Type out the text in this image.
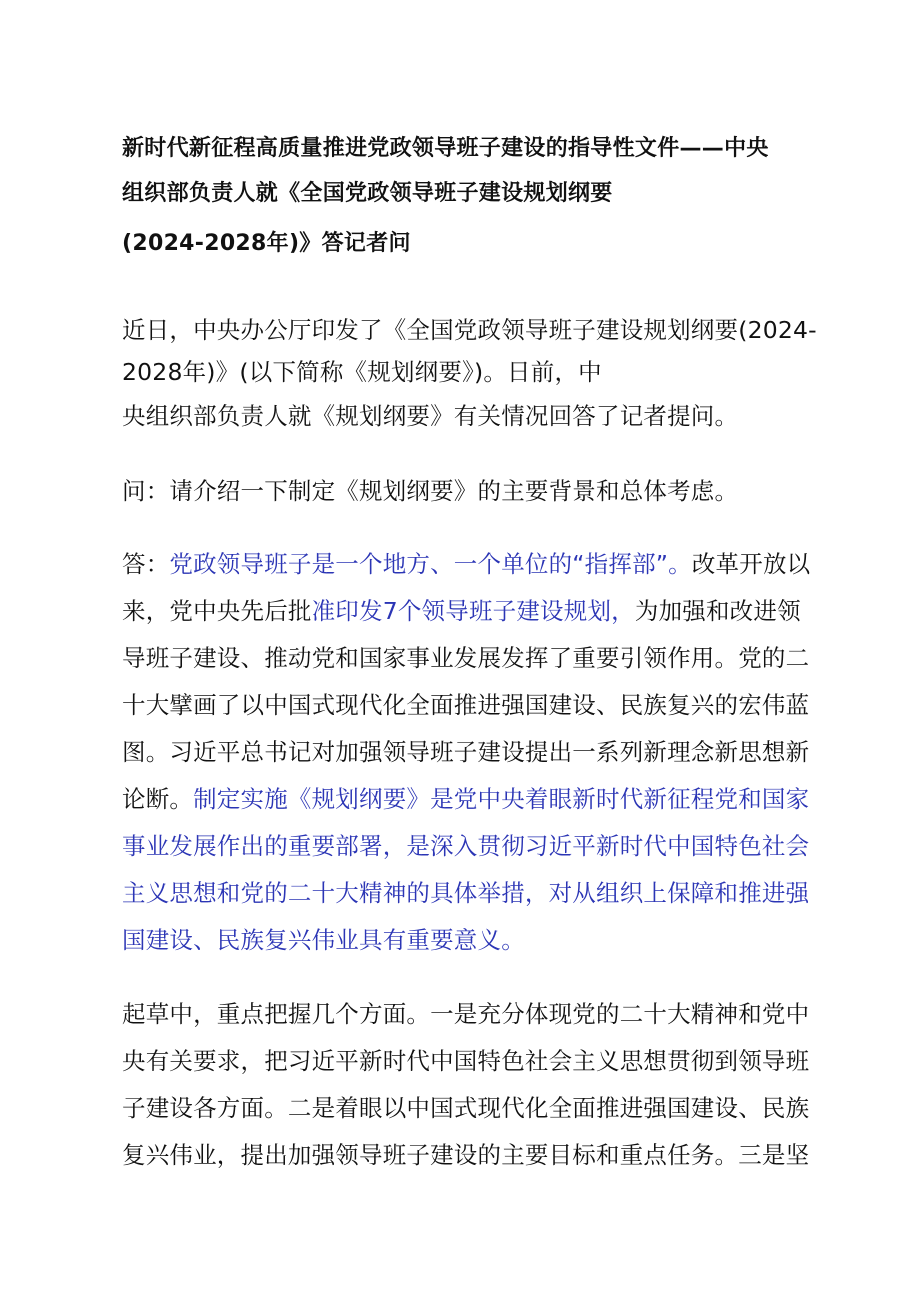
新时代新征程高质量推进党政领导班子建设的指导性文件——中央
组织部负责人就《全国党政领导班子建设规划纲要
(2024-2028年)》答记者问
近日，中央办公厅印发了《全国党政领导班子建设规划纲要(2024-
2028年)》(以下简称《规划纲要》)。日前，中
央组织部负责人就《规划纲要》有关情况回答了记者提问。
问：请介绍一下制定《规划纲要》的主要背景和总体考虑。
答：党政领导班子是一个地方、一个单位的“指挥部”。改革开放以
来，党中央先后批准印发7个领导班子建设规划，为加强和改进领
导班子建设、推动党和国家事业发展发挥了重要引领作用。党的二
十大擘画了以中国式现代化全面推进强国建设、民族复兴的宏伟蓝
图。习近平总书记对加强领导班子建设提出一系列新理念新思想新
论断。制定实施《规划纲要》是党中央着眼新时代新征程党和国家
事业发展作出的重要部署，是深入贯彻习近平新时代中国特色社会
主义思想和党的二十大精神的具体举措，对从组织上保障和推进强
国建设、民族复兴伟业具有重要意义。
起草中，重点把握几个方面。一是充分体现党的二十大精神和党中
央有关要求，把习近平新时代中国特色社会主义思想贯彻到领导班
子建设各方面。二是着眼以中国式现代化全面推进强国建设、民族
复兴伟业，提出加强领导班子建设的主要目标和重点任务。三是坚
